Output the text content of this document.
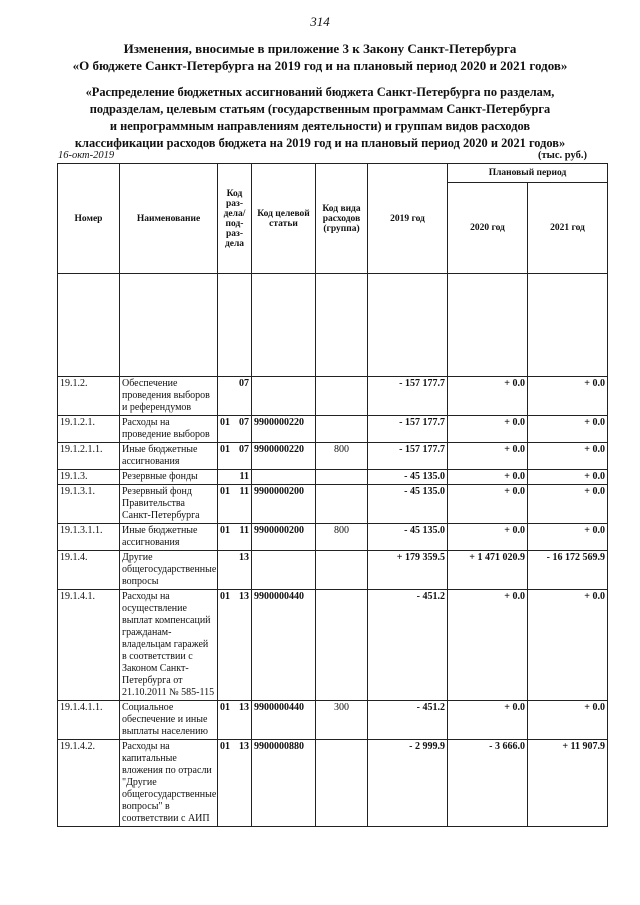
314
Изменения, вносимые в приложение 3 к Закону Санкт-Петербурга
«О бюджете Санкт-Петербурга на 2019 год и на плановый период 2020 и 2021 годов»
«Распределение бюджетных ассигнований бюджета Санкт-Петербурга по разделам,
подразделам, целевым статьям (государственным программам Санкт-Петербурга
и непрограммным направлениям деятельности) и группам видов расходов
классификации расходов бюджета на 2019 год и на плановый период 2020 и 2021 годов»
16-окт-2019	(тыс. руб.)
Номер	Наименование	Код раз-дела/ под-раз-дела	Код целевой статьи	Код вида расходов (группа)	2019 год	Плановый период	
						2020 год	2021 год

19.1.2.	Обеспечение проведения выборов и референдумов	07			- 157 177.7	+ 0.0	+ 0.0
19.1.2.1.	Расходы на проведение выборов	01 07	9900000220		- 157 177.7	+ 0.0	+ 0.0
19.1.2.1.1.	Иные бюджетные ассигнования	01 07	9900000220	800	- 157 177.7	+ 0.0	+ 0.0
19.1.3.	Резервные фонды	11			- 45 135.0	+ 0.0	+ 0.0
19.1.3.1.	Резервный фонд Правительства Санкт-Петербурга	01 11	9900000200		- 45 135.0	+ 0.0	+ 0.0
19.1.3.1.1.	Иные бюджетные ассигнования	01 11	9900000200	800	- 45 135.0	+ 0.0	+ 0.0
19.1.4.	Другие общегосударственные вопросы	13			+ 179 359.5	+ 1 471 020.9	- 16 172 569.9
19.1.4.1.	Расходы на осуществление выплат компенсаций гражданам-владельцам гаражей в соответствии с Законом Санкт-Петербурга от 21.10.2011 № 585-115	01 13	9900000440		- 451.2	+ 0.0	+ 0.0
19.1.4.1.1.	Социальное обеспечение и иные выплаты населению	01 13	9900000440	300	- 451.2	+ 0.0	+ 0.0
19.1.4.2.	Расходы на капитальные вложения по отрасли "Другие общегосударственные вопросы" в соответствии с АИП	01 13	9900000880		- 2 999.9	- 3 666.0	+ 11 907.9
